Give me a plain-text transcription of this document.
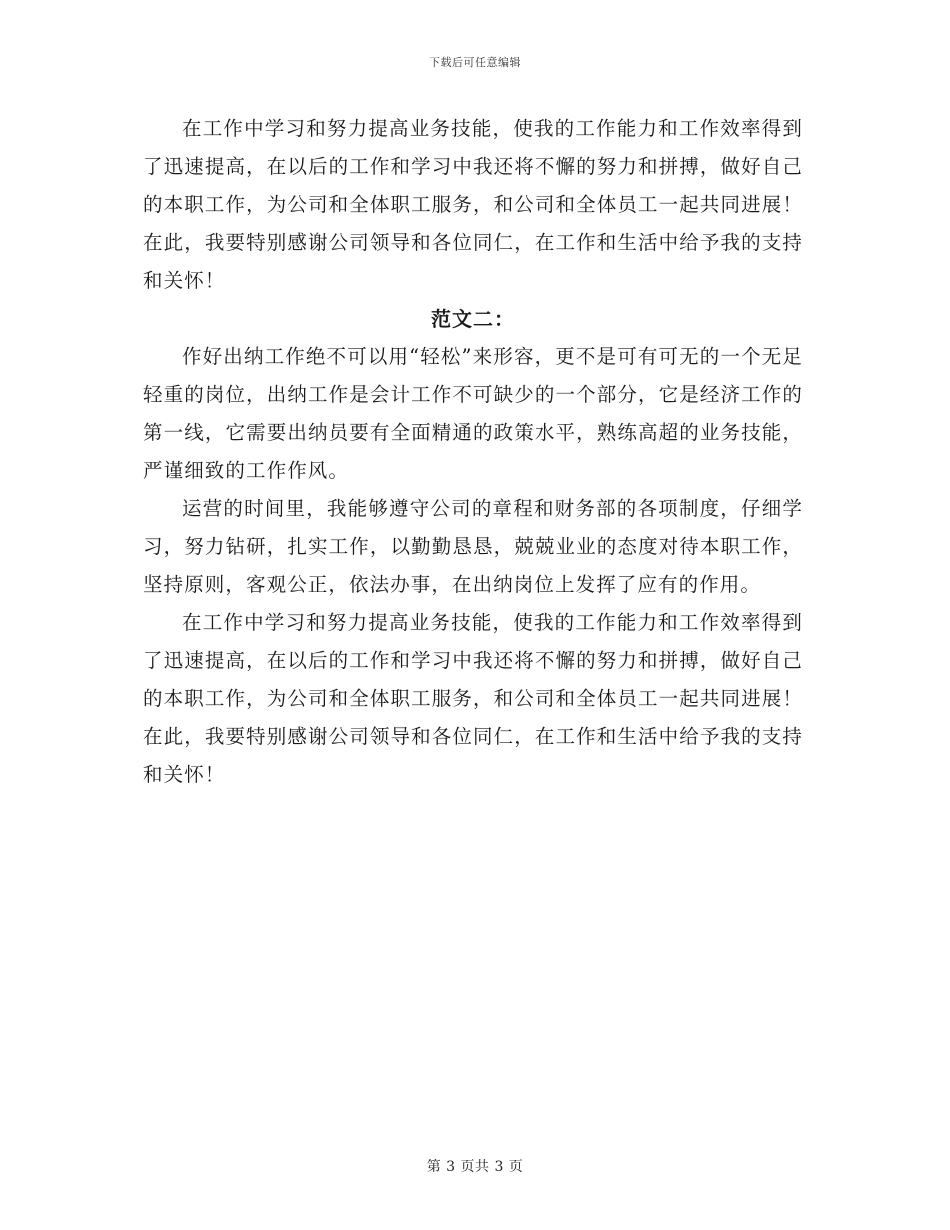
下载后可任意编辑

在工作中学习和努力提高业务技能，使我的工作能力和工作效率得到了迅速提高，在以后的工作和学习中我还将不懈的努力和拼搏，做好自己的本职工作，为公司和全体职工服务，和公司和全体员工一起共同进展！在此，我要特别感谢公司领导和各位同仁，在工作和生活中给予我的支持和关怀！

范文二：

作好出纳工作绝不可以用“轻松”来形容，更不是可有可无的一个无足轻重的岗位，出纳工作是会计工作不可缺少的一个部分，它是经济工作的第一线，它需要出纳员要有全面精通的政策水平，熟练高超的业务技能，严谨细致的工作作风。

运营的时间里，我能够遵守公司的章程和财务部的各项制度，仔细学习，努力钻研，扎实工作，以勤勤恳恳，兢兢业业的态度对待本职工作，坚持原则，客观公正，依法办事，在出纳岗位上发挥了应有的作用。

在工作中学习和努力提高业务技能，使我的工作能力和工作效率得到了迅速提高，在以后的工作和学习中我还将不懈的努力和拼搏，做好自己的本职工作，为公司和全体职工服务，和公司和全体员工一起共同进展！在此，我要特别感谢公司领导和各位同仁，在工作和生活中给予我的支持和关怀！

第 3 页共 3 页
